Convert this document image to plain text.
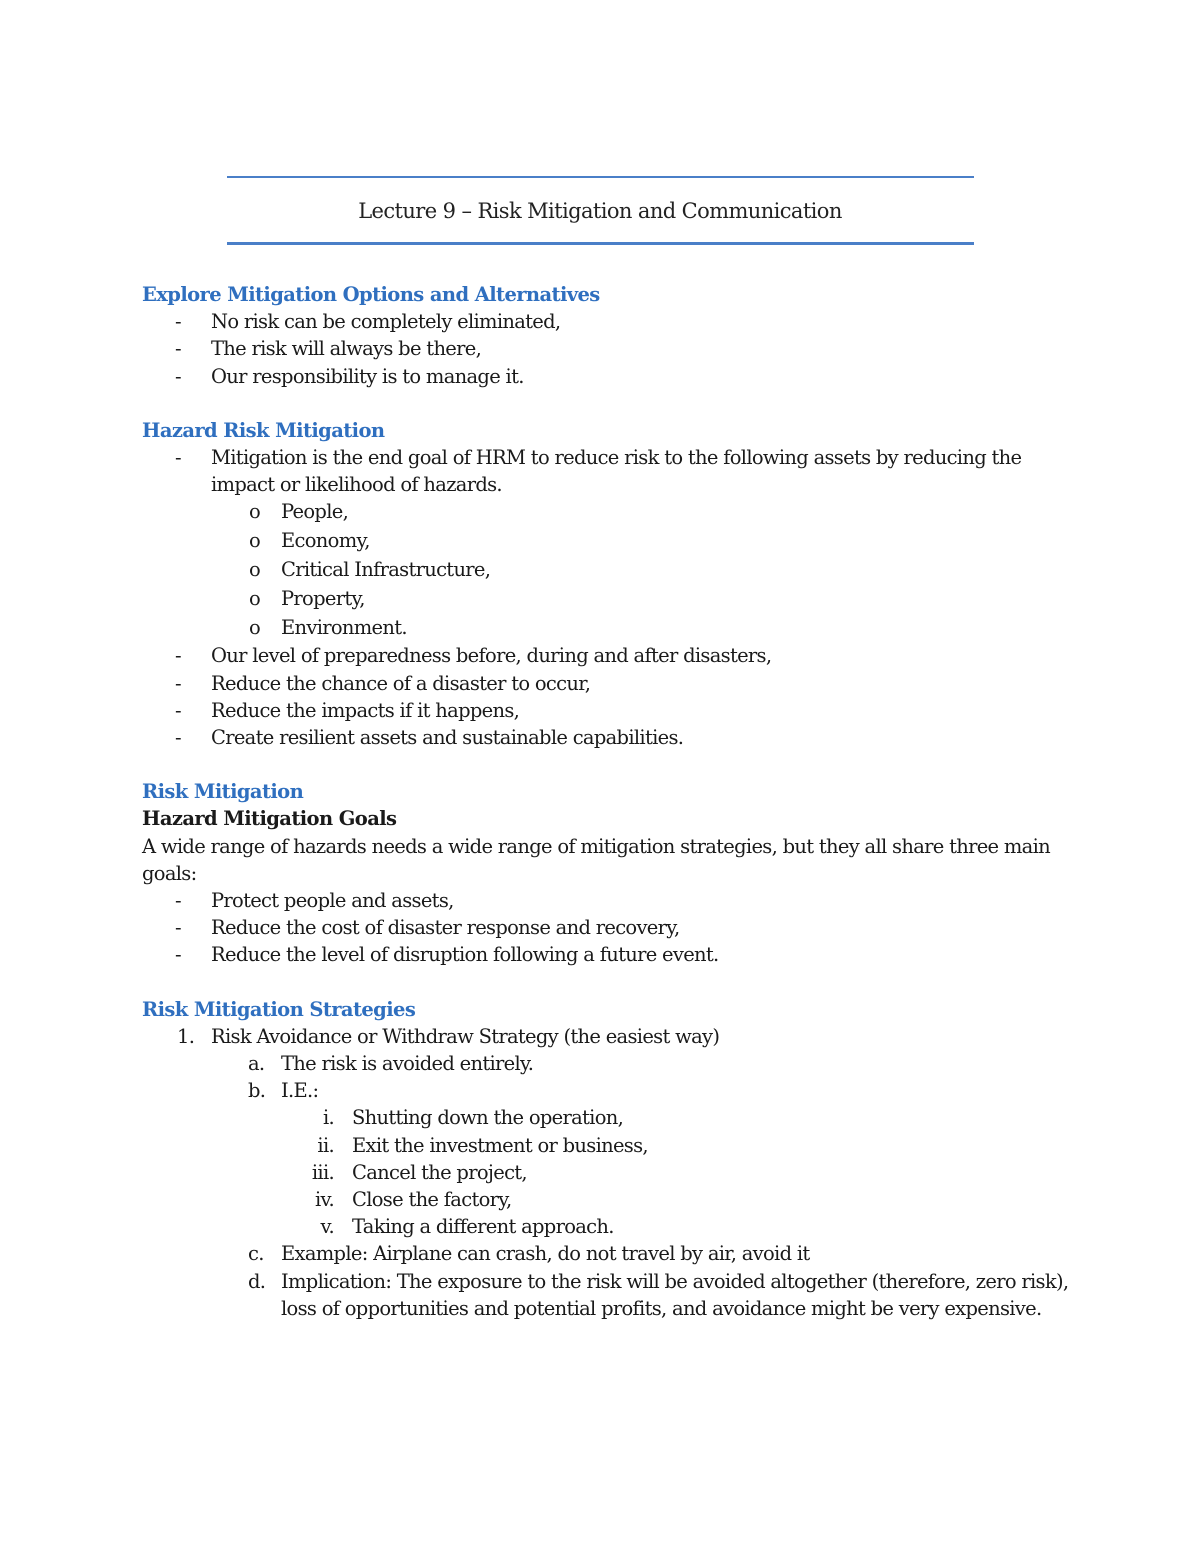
Lecture 9 – Risk Mitigation and Communication
Explore Mitigation Options and Alternatives
- No risk can be completely eliminated,
- The risk will always be there,
- Our responsibility is to manage it.
Hazard Risk Mitigation
- Mitigation is the end goal of HRM to reduce risk to the following assets by reducing the impact or likelihood of hazards.
o People,
o Economy,
o Critical Infrastructure,
o Property,
o Environment.
- Our level of preparedness before, during and after disasters,
- Reduce the chance of a disaster to occur,
- Reduce the impacts if it happens,
- Create resilient assets and sustainable capabilities.
Risk Mitigation
Hazard Mitigation Goals

A wide range of hazards needs a wide range of mitigation strategies, but they all share three main goals:

- Protect people and assets,
- Reduce the cost of disaster response and recovery,
- Reduce the level of disruption following a future event.
Risk Mitigation Strategies
1. Risk Avoidance or Withdraw Strategy (the easiest way)
a. The risk is avoided entirely.
b. I.E.:
i. Shutting down the operation,
ii. Exit the investment or business,
iii. Cancel the project,
iv. Close the factory,
v. Taking a different approach.
c. Example: Airplane can crash, do not travel by air, avoid it
d. Implication: The exposure to the risk will be avoided altogether (therefore, zero risk), loss of opportunities and potential profits, and avoidance might be very expensive.
